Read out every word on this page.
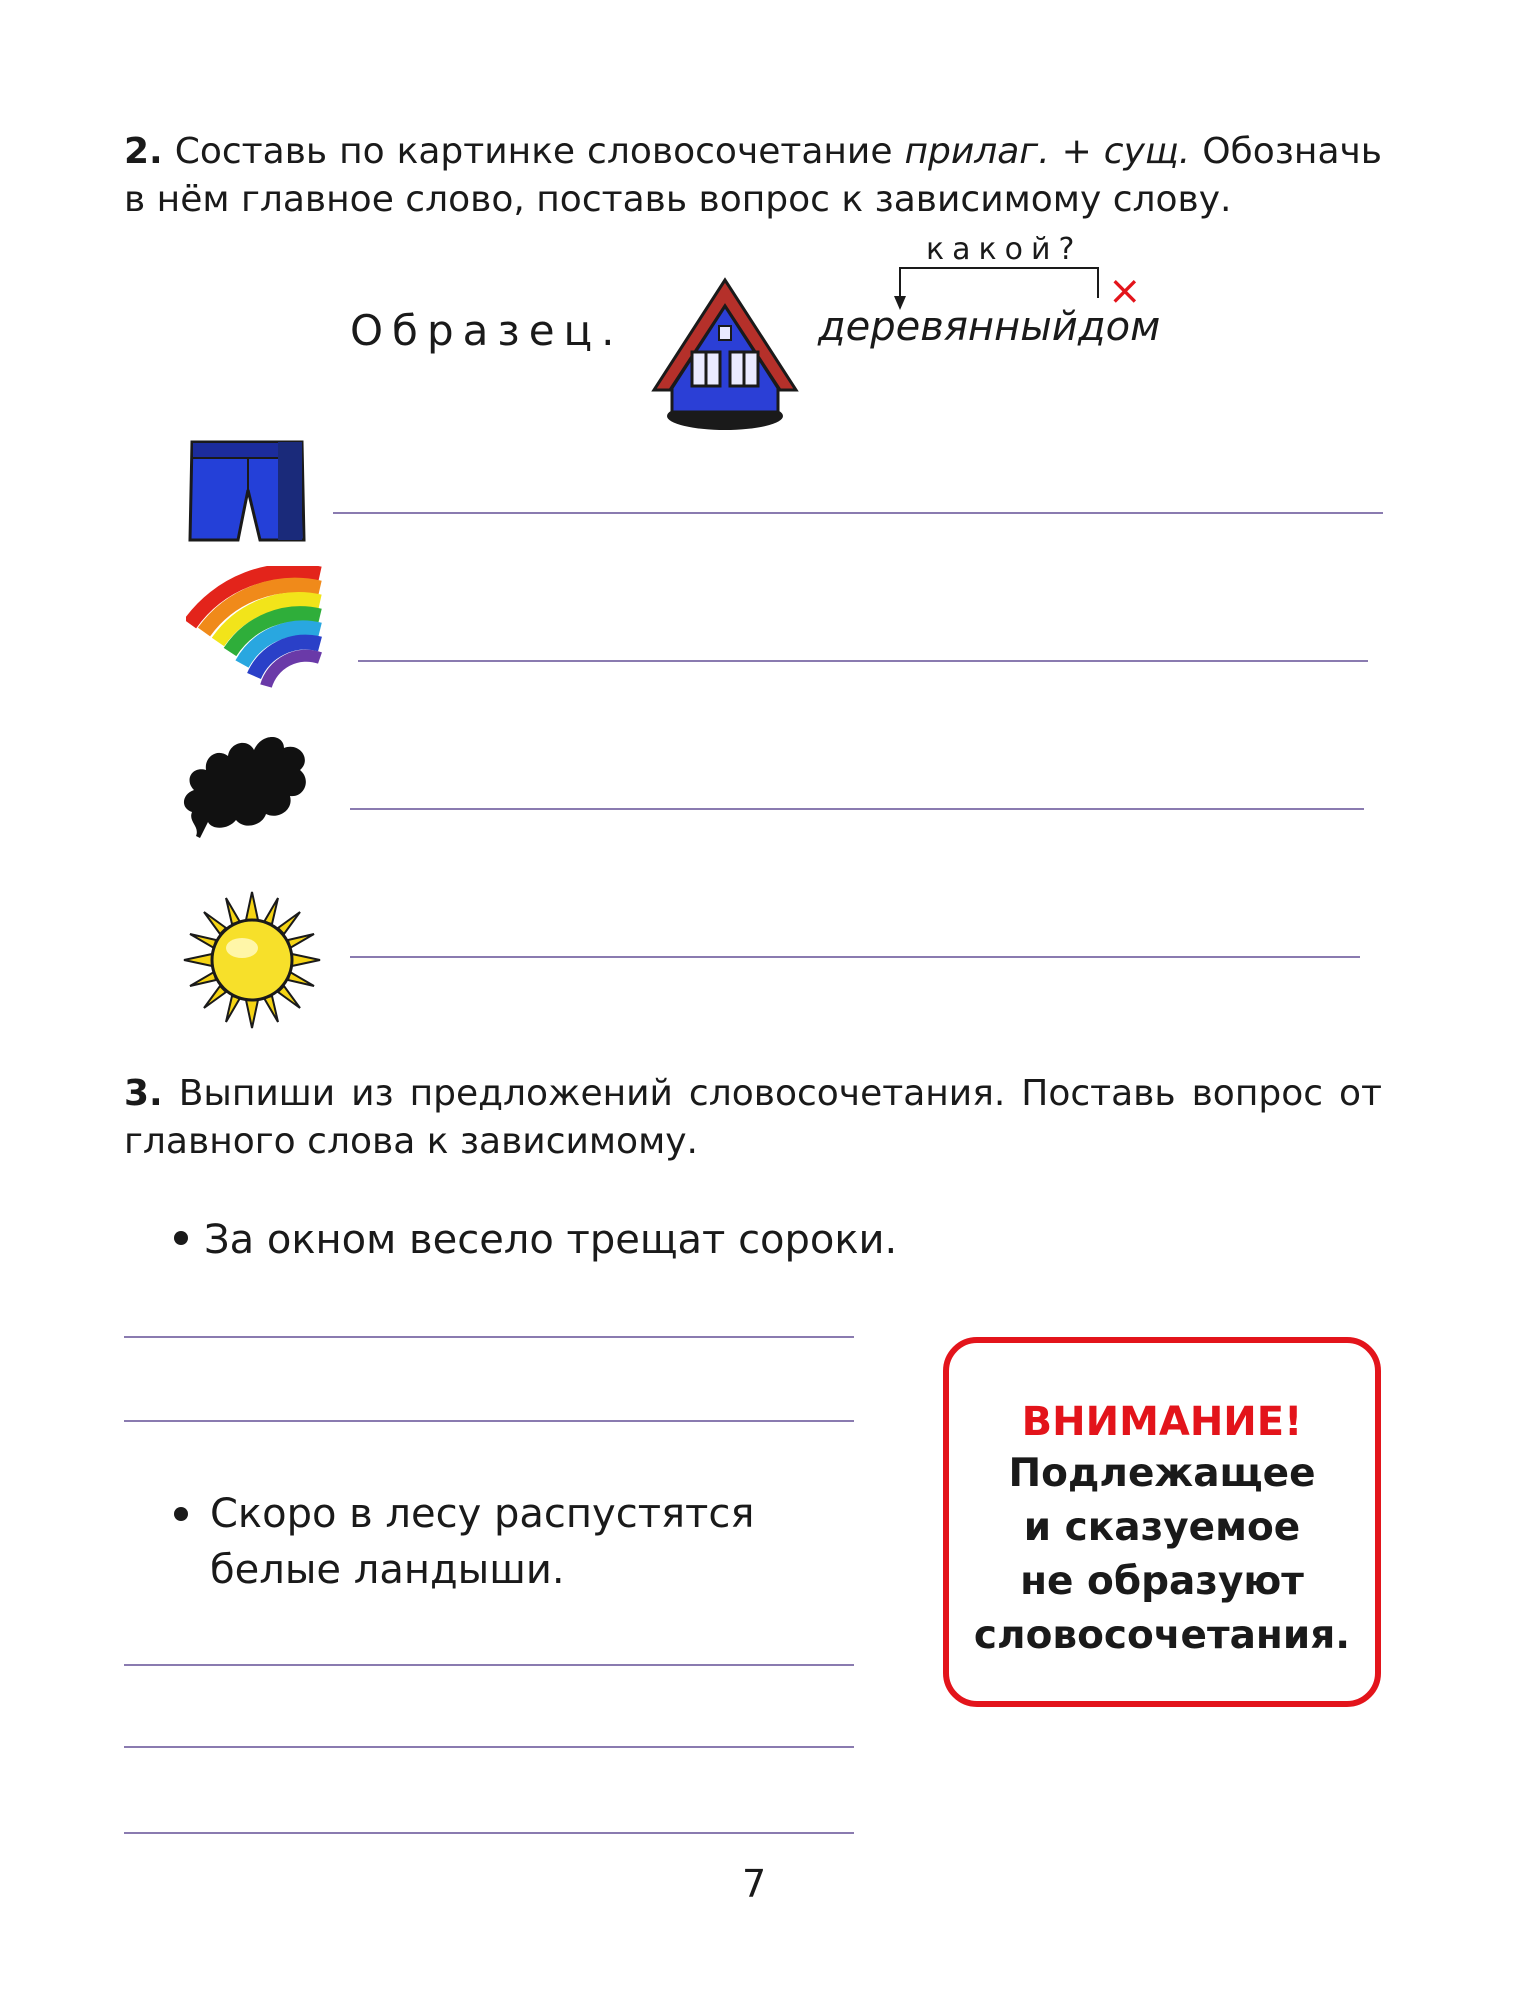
2. Составь по картинке словосочетание прилаг. + сущ. Обозначь в нём главное слово, поставь вопрос к зависимому слову.
Образец.
какой?
×
деревянный дом
3. Выпиши из предложений словосочетания. Поставь вопрос от главного слова к зависимому.
За окном весело трещат сороки.
Скоро в лесу распустятся белые ландыши.
ВНИМАНИЕ!
Подлежащее
и сказуемое
не образуют
словосочетания.
7
